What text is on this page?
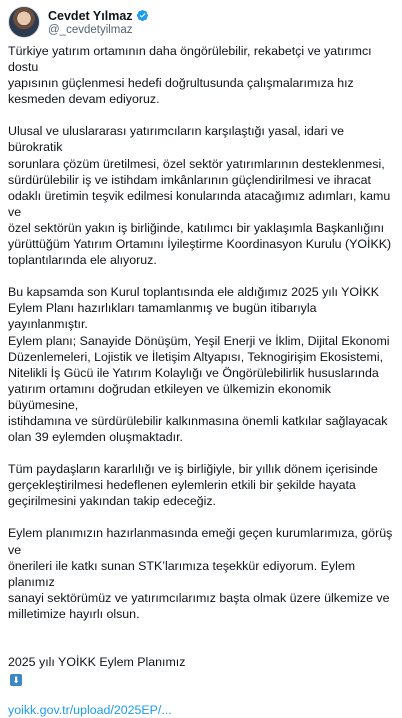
Cevdet Yılmaz
@_cevdetyilmaz

Türkiye yatırım ortamının daha öngörülebilir, rekabetçi ve yatırımcı dostu
yapısının güçlenmesi hedefi doğrultusunda çalışmalarımıza hız
kesmeden devam ediyoruz.

Ulusal ve uluslararası yatırımcıların karşılaştığı yasal, idari ve bürokratik
sorunlara çözüm üretilmesi, özel sektör yatırımlarının desteklenmesi,
sürdürülebilir iş ve istihdam imkânlarının güçlendirilmesi ve ihracat
odaklı üretimin teşvik edilmesi konularında atacağımız adımları, kamu ve
özel sektörün yakın iş birliğinde, katılımcı bir yaklaşımla Başkanlığını
yürüttüğüm Yatırım Ortamını İyileştirme Koordinasyon Kurulu (YOİKK)
toplantılarında ele alıyoruz.

Bu kapsamda son Kurul toplantısında ele aldığımız 2025 yılı YOİKK
Eylem Planı hazırlıkları tamamlanmış ve bugün itibarıyla yayınlanmıştır.
Eylem planı; Sanayide Dönüşüm, Yeşil Enerji ve İklim, Dijital Ekonomi
Düzenlemeleri, Lojistik ve İletişim Altyapısı, Teknogirişim Ekosistemi,
Nitelikli İş Gücü ile Yatırım Kolaylığı ve Öngörülebilirlik hususlarında
yatırım ortamını doğrudan etkileyen ve ülkemizin ekonomik büyümesine,
istihdamına ve sürdürülebilir kalkınmasına önemli katkılar sağlayacak
olan 39 eylemden oluşmaktadır.

Tüm paydaşların kararlılığı ve iş birliğiyle, bir yıllık dönem içerisinde
gerçekleştirilmesi hedeflenen eylemlerin etkili bir şekilde hayata
geçirilmesini yakından takip edeceğiz.

Eylem planımızın hazırlanmasında emeği geçen kurumlarımıza, görüş ve
önerileri ile katkı sunan STK’larımıza teşekkür ediyorum. Eylem planımız
sanayi sektörümüz ve yatırımcılarımız başta olmak üzere ülkemize ve
milletimize hayırlı olsun.

2025 yılı YOİKK Eylem Planımız
⬇

yoikk.gov.tr/upload/2025EP/...
